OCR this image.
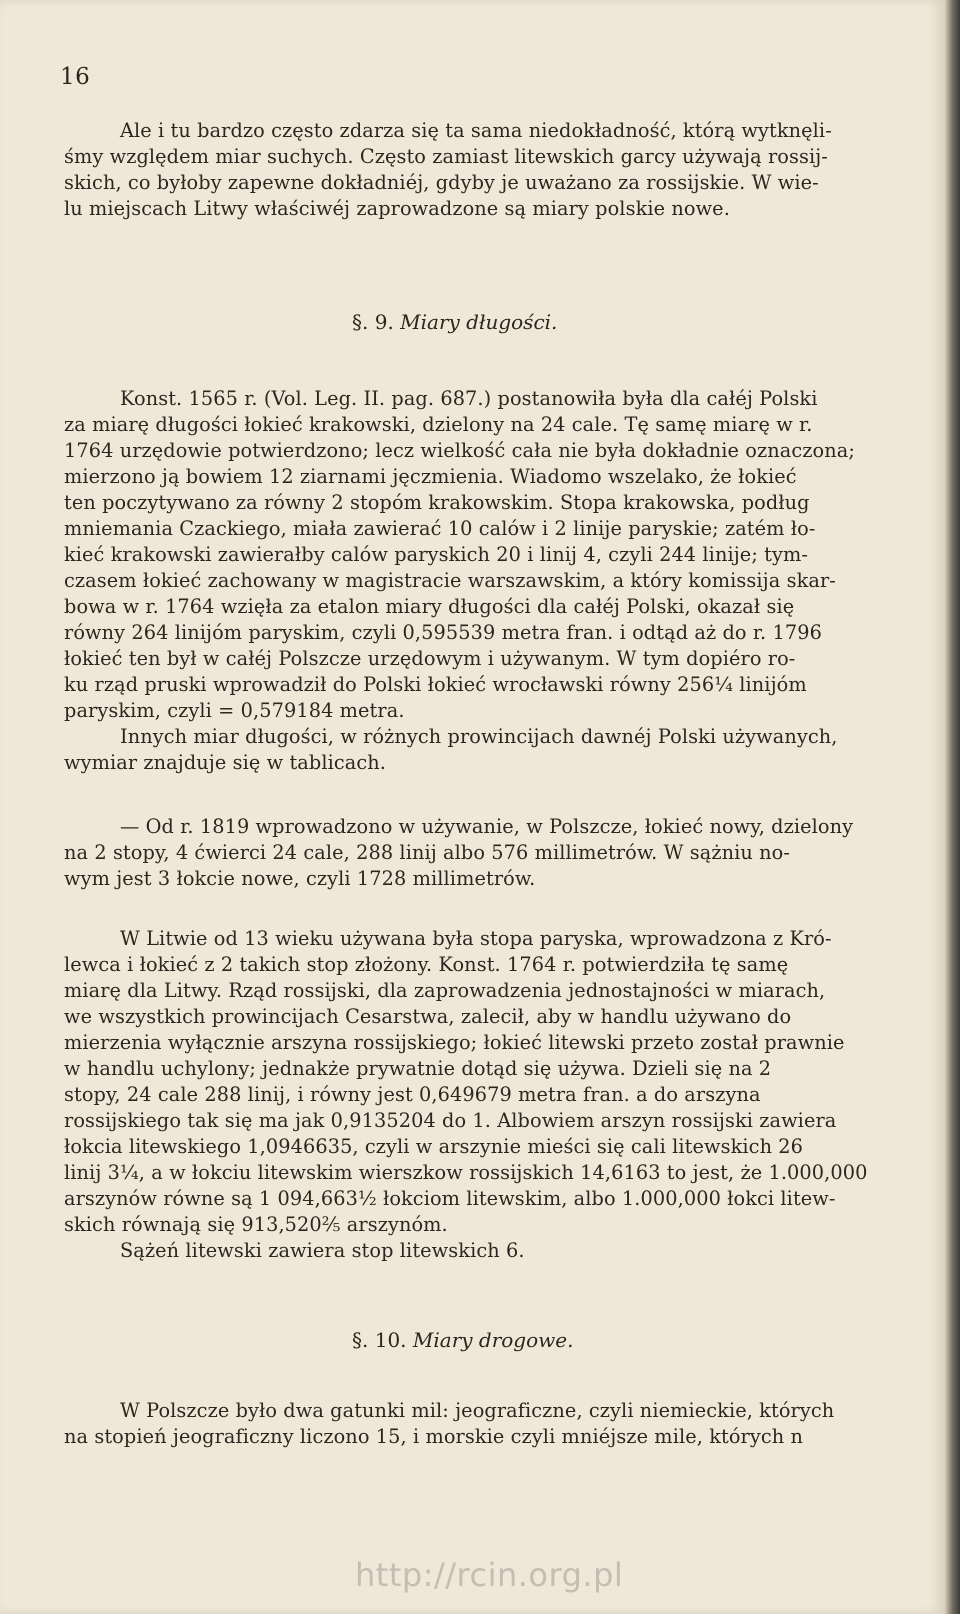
16
Ale i tu bardzo często zdarza się ta sama niedokładność, którą wytknęli-
śmy względem miar suchych. Często zamiast litewskich garcy używają rossij-
skich, co byłoby zapewne dokładniéj, gdyby je uważano za rossijskie. W wie-
lu miejscach Litwy właściwéj zaprowadzone są miary polskie nowe.
§. 9. Miary długości.
Konst. 1565 r. (Vol. Leg. II. pag. 687.) postanowiła była dla całéj Polski
za miarę długości łokieć krakowski, dzielony na 24 cale. Tę samę miarę w r.
1764 urzędowie potwierdzono; lecz wielkość cała nie była dokładnie oznaczona;
mierzono ją bowiem 12 ziarnami jęczmienia. Wiadomo wszelako, że łokieć
ten poczytywano za równy 2 stopóm krakowskim. Stopa krakowska, podług
mniemania Czackiego, miała zawierać 10 calów i 2 linije paryskie; zatém ło-
kieć krakowski zawierałby calów paryskich 20 i linij 4, czyli 244 linije; tym-
czasem łokieć zachowany w magistracie warszawskim, a który komissija skar-
bowa w r. 1764 wzięła za etalon miary długości dla całéj Polski, okazał się
równy 264 linijóm paryskim, czyli 0,595539 metra fran. i odtąd aż do r. 1796
łokieć ten był w całéj Polszcze urzędowym i używanym. W tym dopiéro ro-
ku rząd pruski wprowadził do Polski łokieć wrocławski równy 256¼ linijóm
paryskim, czyli = 0,579184 metra.
Innych miar długości, w różnych prowincijach dawnéj Polski używanych,
wymiar znajduje się w tablicach.
— Od r. 1819 wprowadzono w używanie, w Polszcze, łokieć nowy, dzielony
na 2 stopy, 4 ćwierci 24 cale, 288 linij albo 576 millimetrów. W sążniu no-
wym jest 3 łokcie nowe, czyli 1728 millimetrów.
W Litwie od 13 wieku używana była stopa paryska, wprowadzona z Kró-
lewca i łokieć z 2 takich stop złożony. Konst. 1764 r. potwierdziła tę samę
miarę dla Litwy. Rząd rossijski, dla zaprowadzenia jednostajności w miarach,
we wszystkich prowincijach Cesarstwa, zalecił, aby w handlu używano do
mierzenia wyłącznie arszyna rossijskiego; łokieć litewski przeto został prawnie
w handlu uchylony; jednakże prywatnie dotąd się używa. Dzieli się na 2
stopy, 24 cale 288 linij, i równy jest 0,649679 metra fran. a do arszyna
rossijskiego tak się ma jak 0,9135204 do 1. Albowiem arszyn rossijski zawiera
łokcia litewskiego 1,0946635, czyli w arszynie mieści się cali litewskich 26
linij 3¼, a w łokciu litewskim wierszkow rossijskich 14,6163 to jest, że 1.000,000
arszynów równe są 1 094,663½ łokciom litewskim, albo 1.000,000 łokci litew-
skich równają się 913,520⅖ arszynóm.
Sążeń litewski zawiera stop litewskich 6.
§. 10. Miary drogowe.
W Polszcze było dwa gatunki mil: jeograficzne, czyli niemieckie, których
na stopień jeograficzny liczono 15, i morskie czyli mniéjsze mile, których n
http://rcin.org.pl
